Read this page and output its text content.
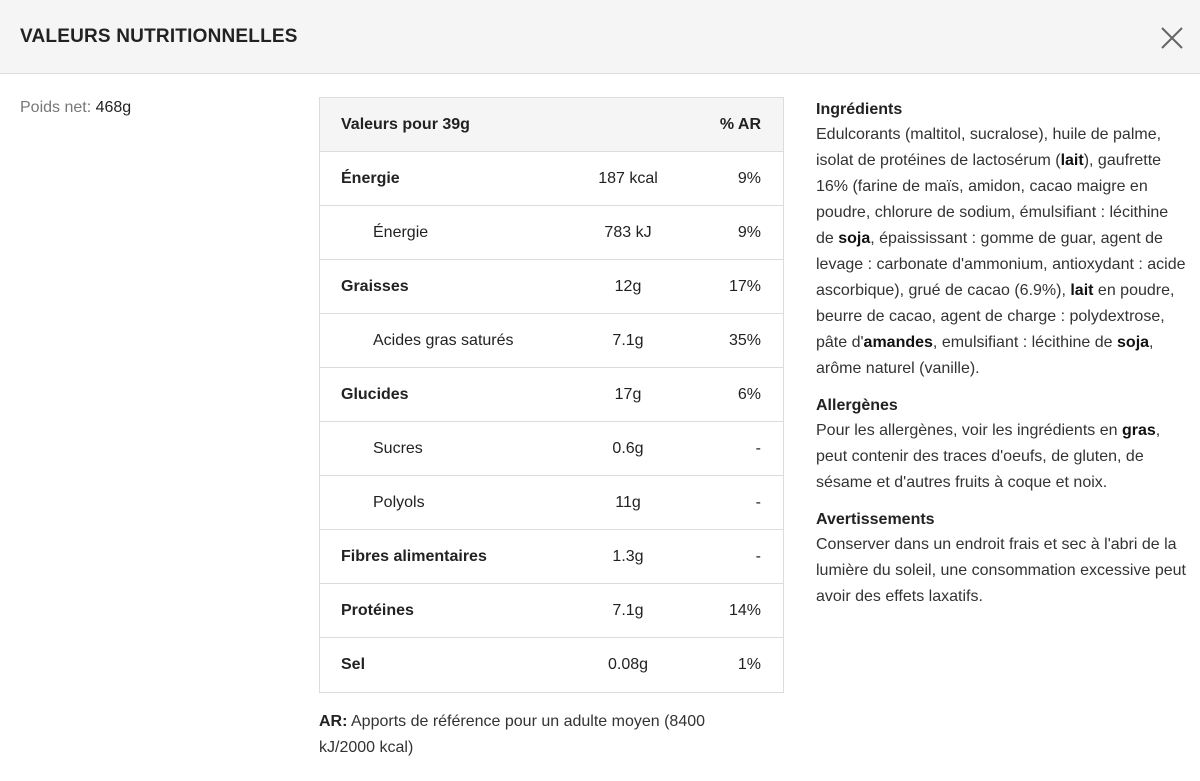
VALEURS NUTRITIONNELLES
Poids net: 468g
Valeurs pour 39g	% AR
Énergie	187 kcal	9%
Énergie	783 kJ	9%
Graisses	12g	17%
Acides gras saturés	7.1g	35%
Glucides	17g	6%
Sucres	0.6g	-
Polyols	11g	-
Fibres alimentaires	1.3g	-
Protéines	7.1g	14%
Sel	0.08g	1%
AR: Apports de référence pour un adulte moyen (8400 kJ/2000 kcal)
Ingrédients
Edulcorants (maltitol, sucralose), huile de palme, isolat de protéines de lactosérum (lait), gaufrette 16% (farine de maïs, amidon, cacao maigre en poudre, chlorure de sodium, émulsifiant : lécithine de soja, épaississant : gomme de guar, agent de levage : carbonate d'ammonium, antioxydant : acide ascorbique), grué de cacao (6.9%), lait en poudre, beurre de cacao, agent de charge : polydextrose, pâte d'amandes, emulsifiant : lécithine de soja, arôme naturel (vanille).
Allergènes
Pour les allergènes, voir les ingrédients en gras, peut contenir des traces d'oeufs, de gluten, de sésame et d'autres fruits à coque et noix.
Avertissements
Conserver dans un endroit frais et sec à l'abri de la lumière du soleil, une consommation excessive peut avoir des effets laxatifs.
